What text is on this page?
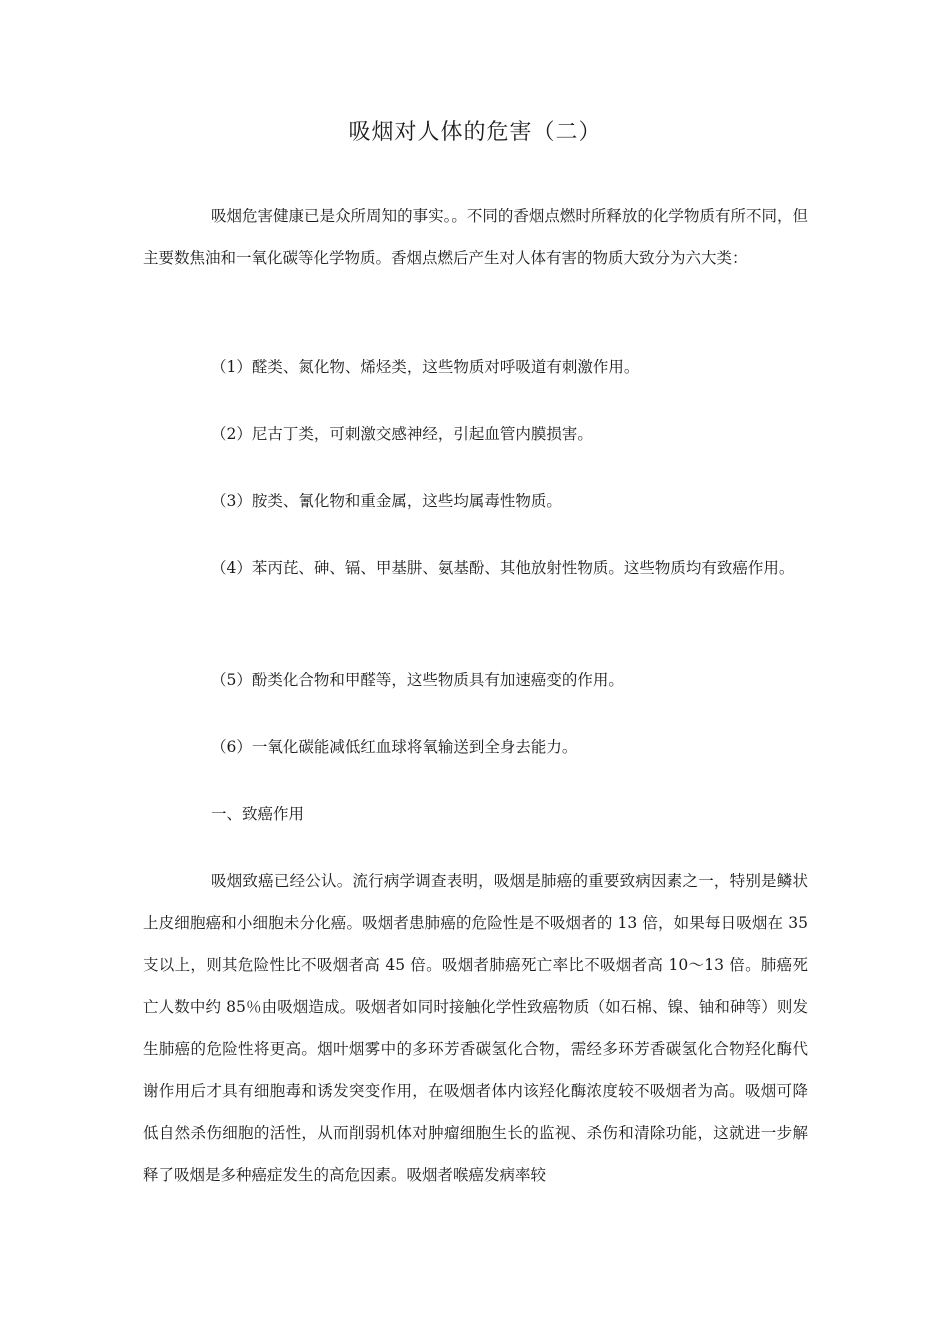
吸烟对人体的危害（二）

吸烟危害健康已是众所周知的事实。。不同的香烟点燃时所释放的化学物质有所不同，但主要数焦油和一氧化碳等化学物质。香烟点燃后产生对人体有害的物质大致分为六大类：

（1）醛类、氮化物、烯烃类，这些物质对呼吸道有刺激作用。

（2）尼古丁类，可刺激交感神经，引起血管内膜损害。

（3）胺类、氰化物和重金属，这些均属毒性物质。

（4）苯丙芘、砷、镉、甲基肼、氨基酚、其他放射性物质。这些物质均有致癌作用。

（5）酚类化合物和甲醛等，这些物质具有加速癌变的作用。

（6）一氧化碳能减低红血球将氧输送到全身去能力。

一、致癌作用

吸烟致癌已经公认。流行病学调查表明，吸烟是肺癌的重要致病因素之一，特别是鳞状上皮细胞癌和小细胞未分化癌。吸烟者患肺癌的危险性是不吸烟者的 13 倍，如果每日吸烟在 35 支以上，则其危险性比不吸烟者高 45 倍。吸烟者肺癌死亡率比不吸烟者高 10～13 倍。肺癌死亡人数中约 85％由吸烟造成。吸烟者如同时接触化学性致癌物质（如石棉、镍、铀和砷等）则发生肺癌的危险性将更高。烟叶烟雾中的多环芳香碳氢化合物，需经多环芳香碳氢化合物羟化酶代谢作用后才具有细胞毒和诱发突变作用，在吸烟者体内该羟化酶浓度较不吸烟者为高。吸烟可降低自然杀伤细胞的活性，从而削弱机体对肿瘤细胞生长的监视、杀伤和清除功能，这就进一步解释了吸烟是多种癌症发生的高危因素。吸烟者喉癌发病率较
